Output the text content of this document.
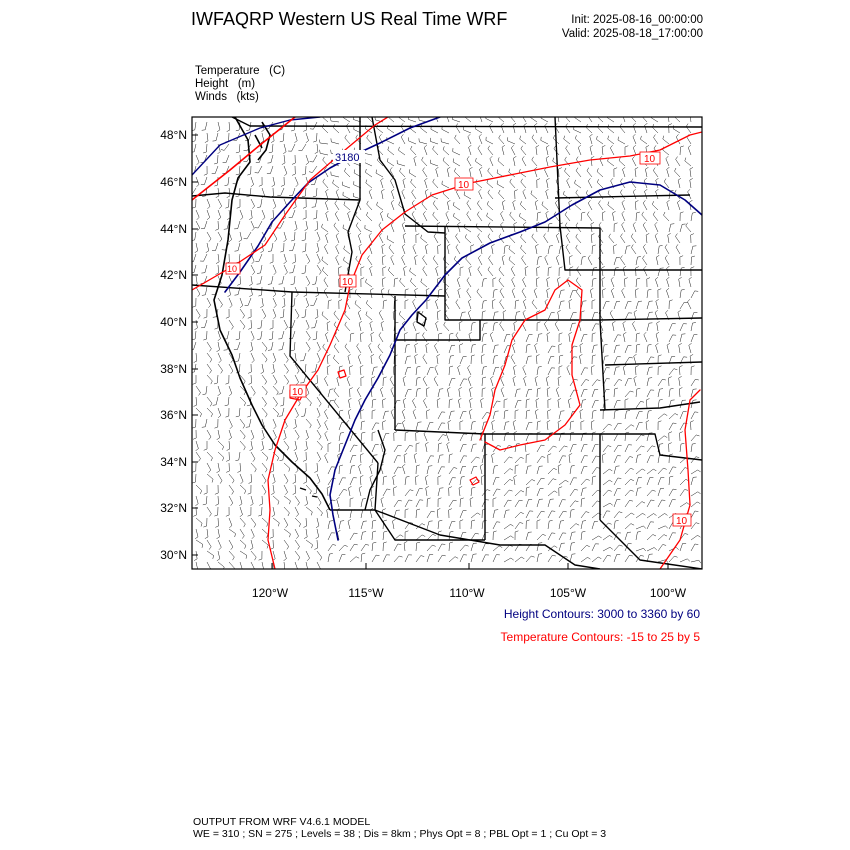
IWFAQRP Western US Real Time WRF	Init: 2025-08-16_00:00:00
Valid: 2025-08-18_17:00:00
Temperature   (C)
Height   (m)
Winds   (kts)
3180
10
10
10
10
10
10
48°N
46°N
44°N
42°N
40°N
38°N
36°N
34°N
32°N
30°N
120°W	115°W	110°W	105°W	100°W
Height Contours: 3000 to 3360 by 60
Temperature Contours: -15 to 25 by 5
OUTPUT FROM WRF V4.6.1 MODEL
WE = 310 ; SN = 275 ; Levels = 38 ; Dis = 8km ; Phys Opt = 8 ; PBL Opt = 1 ; Cu Opt = 3
